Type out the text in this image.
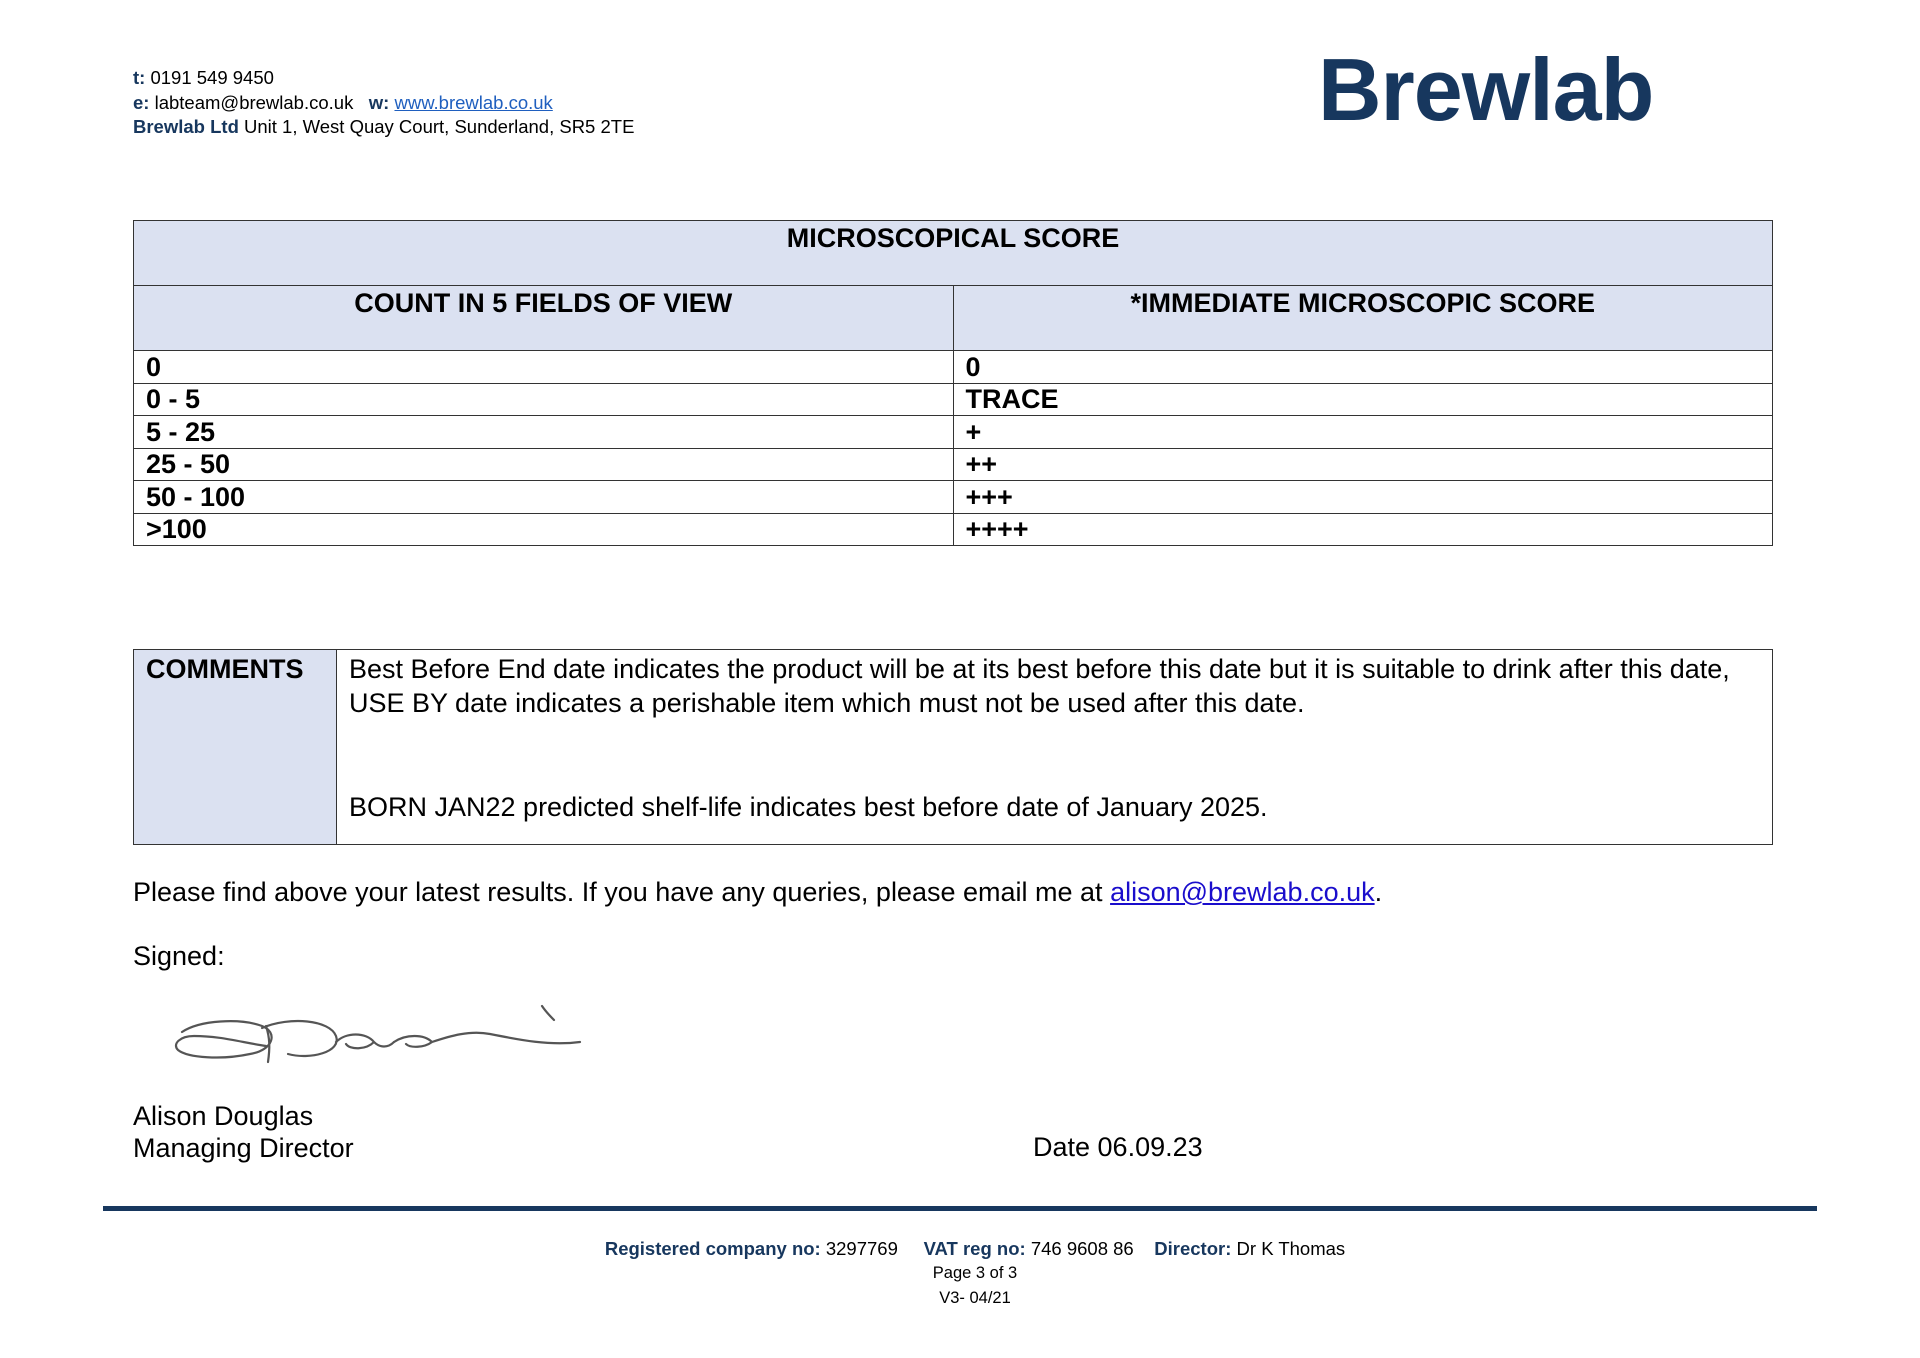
t: 0191 549 9450
e: labteam@brewlab.co.uk w: www.brewlab.co.uk
Brewlab Ltd Unit 1, West Quay Court, Sunderland, SR5 2TE	Brewlab
MICROSCOPICAL SCORE	
COUNT IN 5 FIELDS OF VIEW	*IMMEDIATE MICROSCOPIC SCORE
0	0
0 - 5	TRACE
5 - 25	+
25 - 50	++
50 - 100	+++
>100	++++
COMMENTS	Best Before End date indicates the product will be at its best before this date but it is suitable to drink after this date, USE BY date indicates a perishable item which must not be used after this date.
BORN JAN22 predicted shelf-life indicates best before date of January 2025.
Please find above your latest results. If you have any queries, please email me at alison@brewlab.co.uk.
Signed:
Alison Douglas
Managing Director	Date 06.09.23
Registered company no: 3297769 VAT reg no: 746 9608 86 Director: Dr K Thomas
Page 3 of 3
V3- 04/21
